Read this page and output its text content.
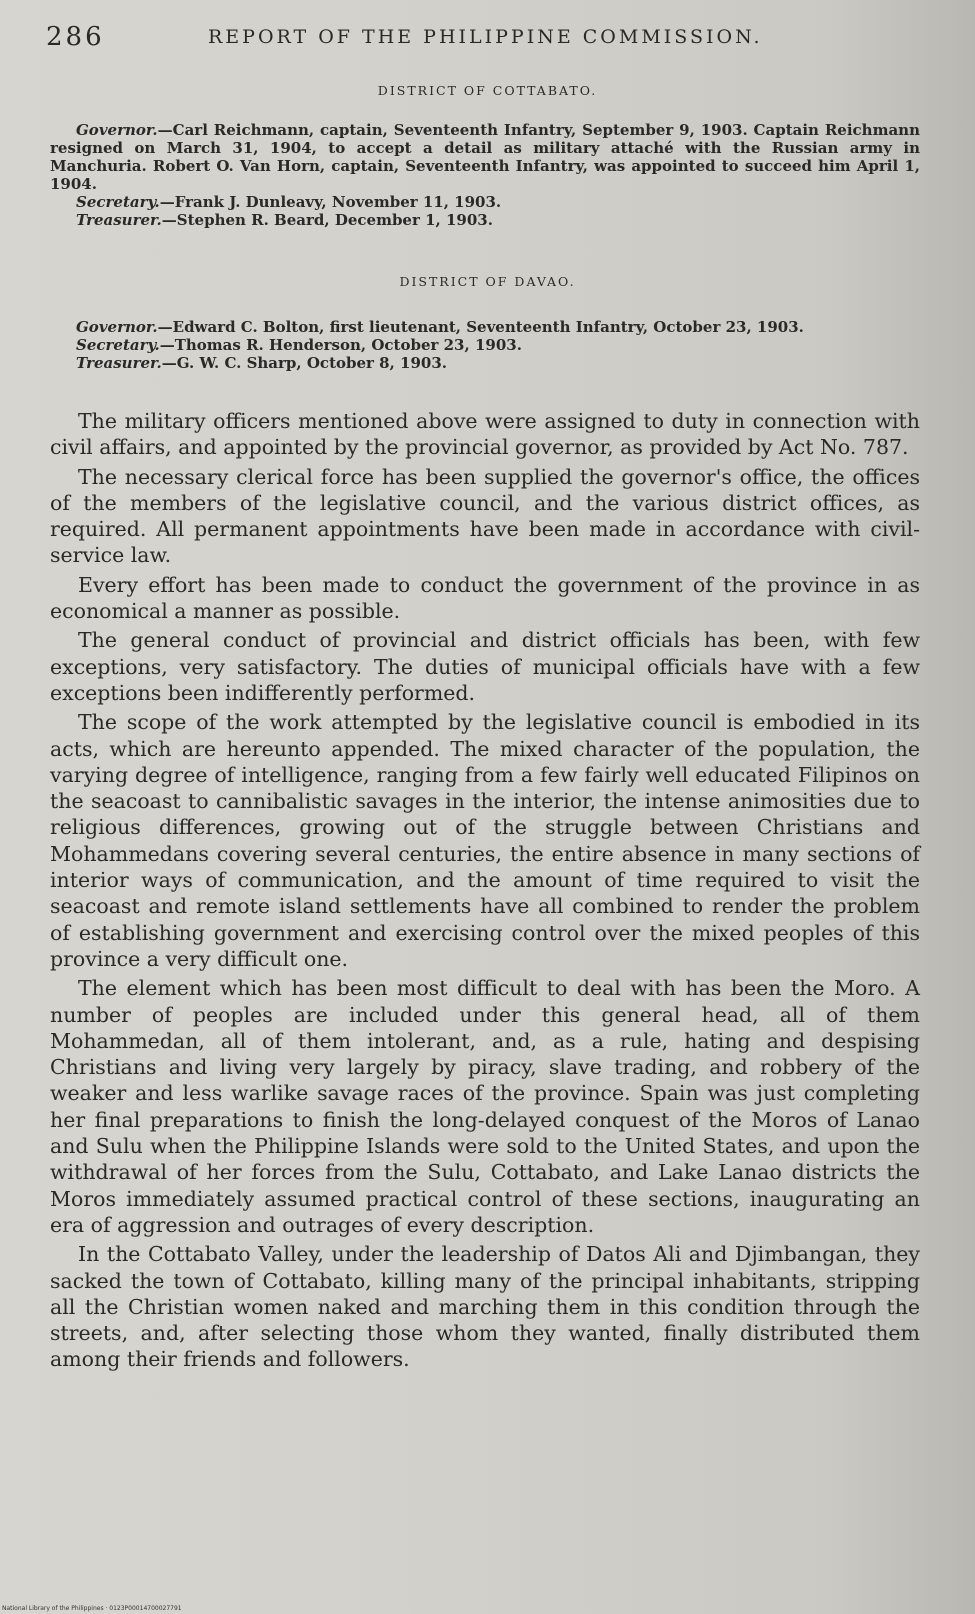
286	REPORT OF THE PHILIPPINE COMMISSION.
DISTRICT OF COTTABATO.

Governor.—Carl Reichmann, captain, Seventeenth Infantry, September 9, 1903. Captain Reichmann resigned on March 31, 1904, to accept a detail as military attaché with the Russian army in Manchuria. Robert O. Van Horn, captain, Seventeenth Infantry, was appointed to succeed him April 1, 1904.

Secretary.—Frank J. Dunleavy, November 11, 1903.

Treasurer.—Stephen R. Beard, December 1, 1903.

DISTRICT OF DAVAO.

Governor.—Edward C. Bolton, first lieutenant, Seventeenth Infantry, October 23, 1903.

Secretary.—Thomas R. Henderson, October 23, 1903.

Treasurer.—G. W. C. Sharp, October 8, 1903.

The military officers mentioned above were assigned to duty in connection with civil affairs, and appointed by the provincial governor, as provided by Act No. 787.

The necessary clerical force has been supplied the governor's office, the offices of the members of the legislative council, and the various district offices, as required. All permanent appointments have been made in accordance with civil-service law.

Every effort has been made to conduct the government of the province in as economical a manner as possible.

The general conduct of provincial and district officials has been, with few exceptions, very satisfactory. The duties of municipal officials have with a few exceptions been indifferently performed.

The scope of the work attempted by the legislative council is embodied in its acts, which are hereunto appended. The mixed character of the population, the varying degree of intelligence, ranging from a few fairly well educated Filipinos on the seacoast to cannibalistic savages in the interior, the intense animosities due to religious differences, growing out of the struggle between Christians and Mohammedans covering several centuries, the entire absence in many sections of interior ways of communication, and the amount of time required to visit the seacoast and remote island settlements have all combined to render the problem of establishing government and exercising control over the mixed peoples of this province a very difficult one.

The element which has been most difficult to deal with has been the Moro. A number of peoples are included under this general head, all of them Mohammedan, all of them intolerant, and, as a rule, hating and despising Christians and living very largely by piracy, slave trading, and robbery of the weaker and less warlike savage races of the province. Spain was just completing her final preparations to finish the long-delayed conquest of the Moros of Lanao and Sulu when the Philippine Islands were sold to the United States, and upon the withdrawal of her forces from the Sulu, Cottabato, and Lake Lanao districts the Moros immediately assumed practical control of these sections, inaugurating an era of aggression and outrages of every description.

In the Cottabato Valley, under the leadership of Datos Ali and Djimbangan, they sacked the town of Cottabato, killing many of the principal inhabitants, stripping all the Christian women naked and marching them in this condition through the streets, and, after selecting those whom they wanted, finally distributed them among their friends and followers.

National Library of the Philippines · 0123P00014700027791
